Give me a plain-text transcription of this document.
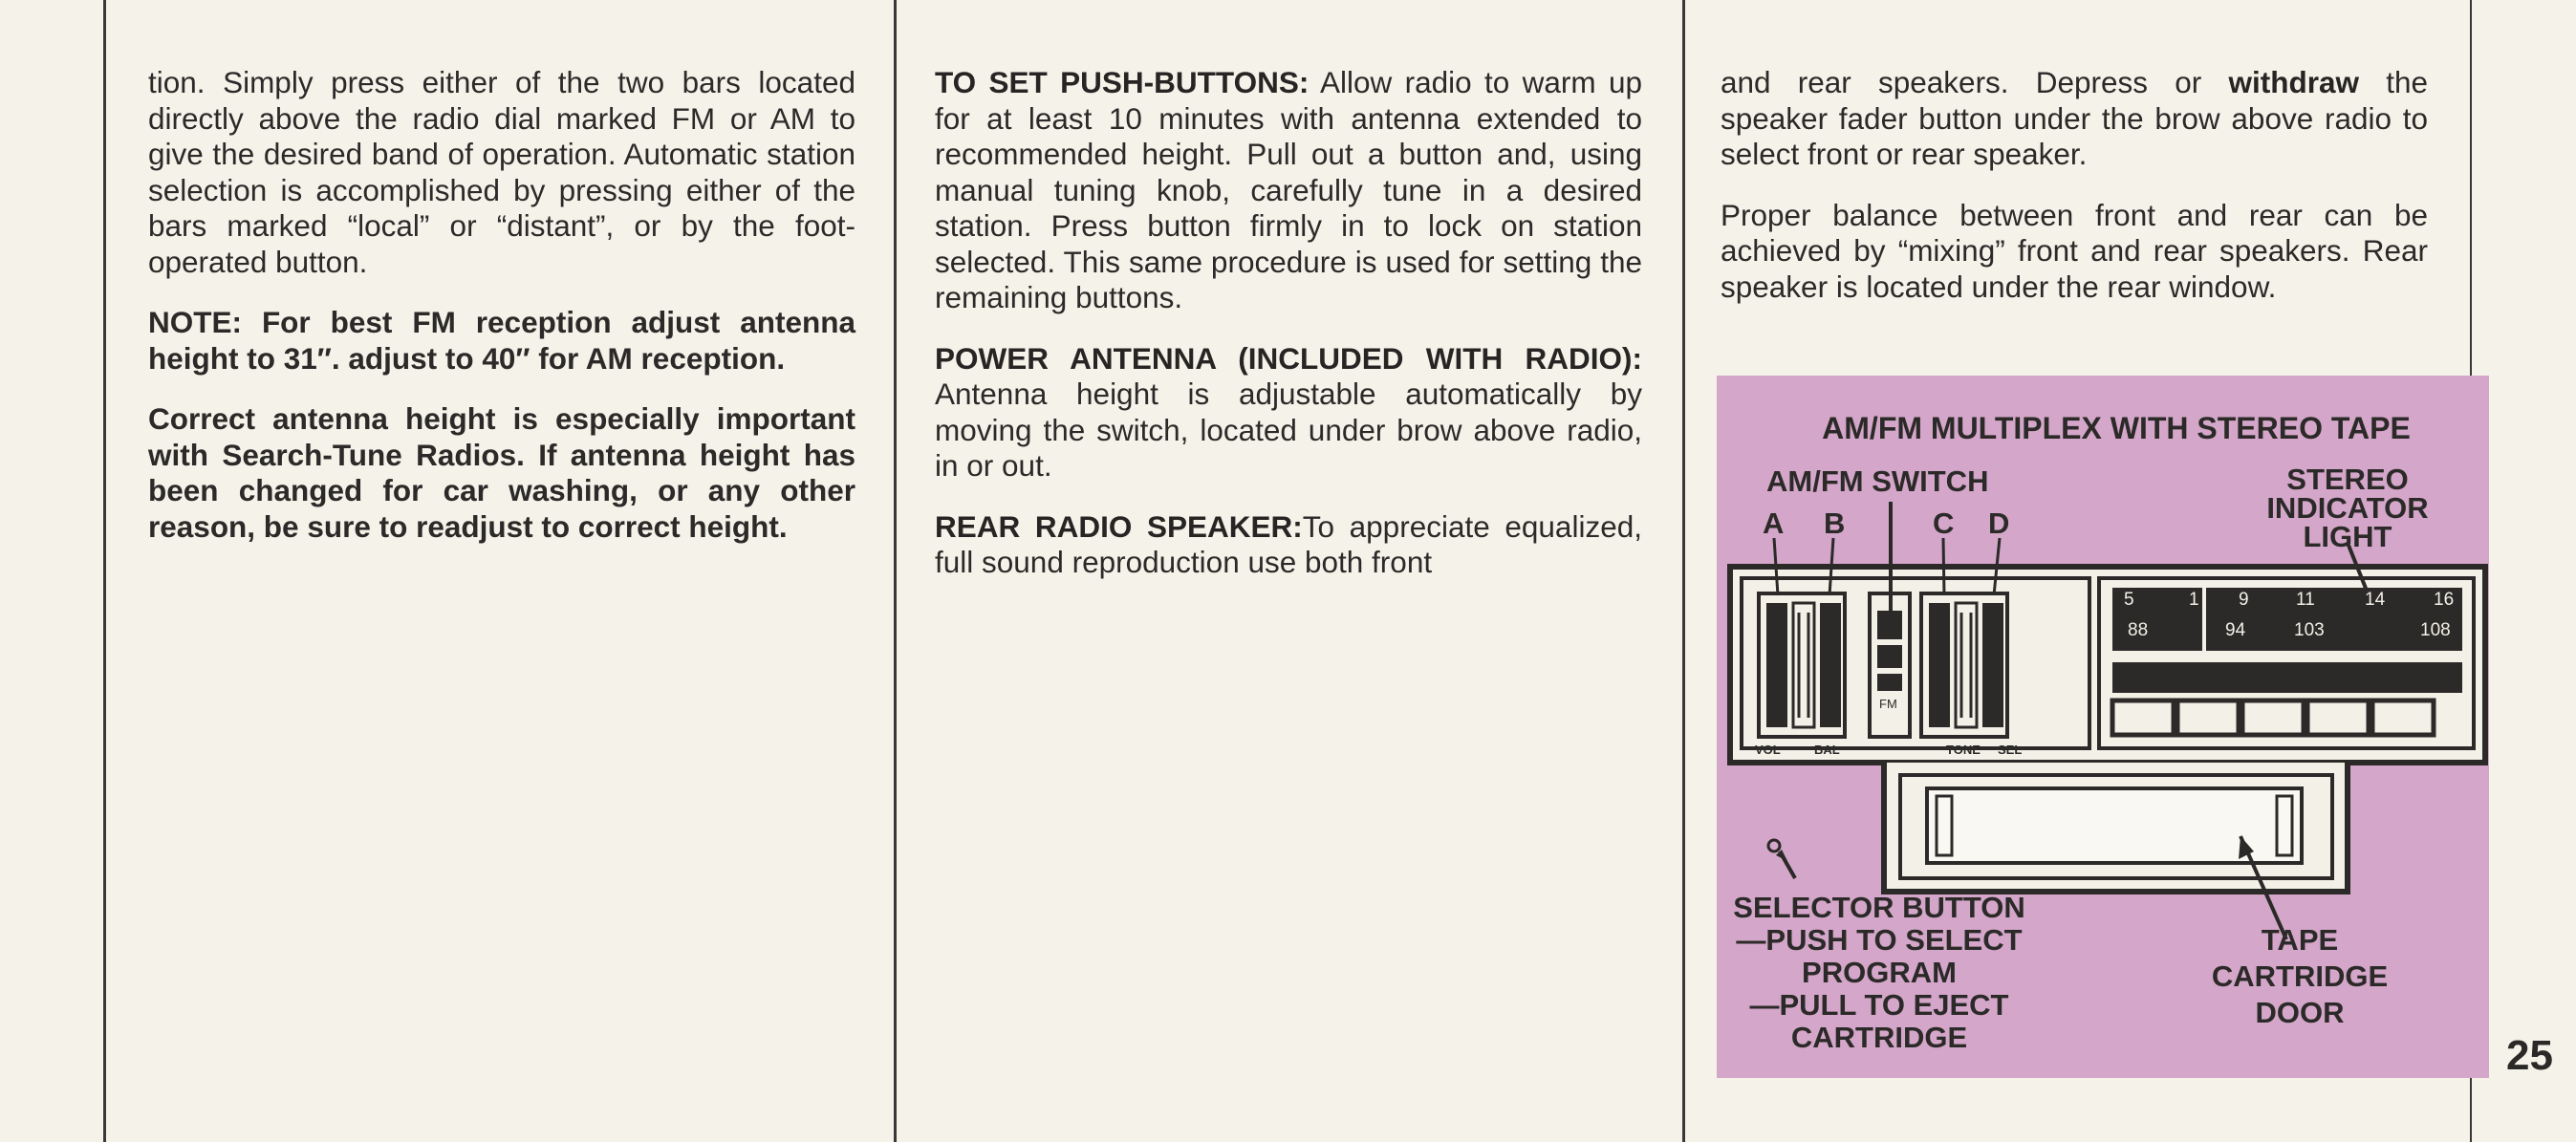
tion. Simply press either of the two bars located directly above the radio dial marked FM or AM to give the desired band of operation. Automatic station selection is accomplished by pressing either of the bars marked “local” or “distant”, or by the foot-operated button.

NOTE: For best FM reception adjust antenna height to 31″. adjust to 40″ for AM reception.

Correct antenna height is especially important with Search-Tune Radios. If antenna height has been changed for car washing, or any other reason, be sure to readjust to correct height.

TO SET PUSH-BUTTONS: Allow radio to warm up for at least 10 minutes with antenna extended to recommended height. Pull out a button and, using manual tuning knob, carefully tune in a desired station. Press button firmly in to lock on station selected. This same procedure is used for setting the remaining buttons.

POWER ANTENNA (INCLUDED WITH RADIO): Antenna height is adjustable automatically by moving the switch, located under brow above radio, in or out.

REAR RADIO SPEAKER:To appreciate equalized, full sound reproduction use both front

and rear speakers. Depress or withdraw the speaker fader button under the brow above radio to select front or rear speaker.

Proper balance between front and rear can be achieved by “mixing” front and rear speakers. Rear speaker is located under the rear window.

AM/FM MULTIPLEX WITH STEREO TAPE
AM/FM SWITCH
A B	C D
STEREO
INDICATOR
LIGHT
5	1 9	11	14	16
88	94	103	108
FM
VOL	BAL	TONE SEL
SELECTOR BUTTON
—PUSH TO SELECT
PROGRAM
—PULL TO EJECT
CARTRIDGE
TAPE
CARTRIDGE
DOOR
25
